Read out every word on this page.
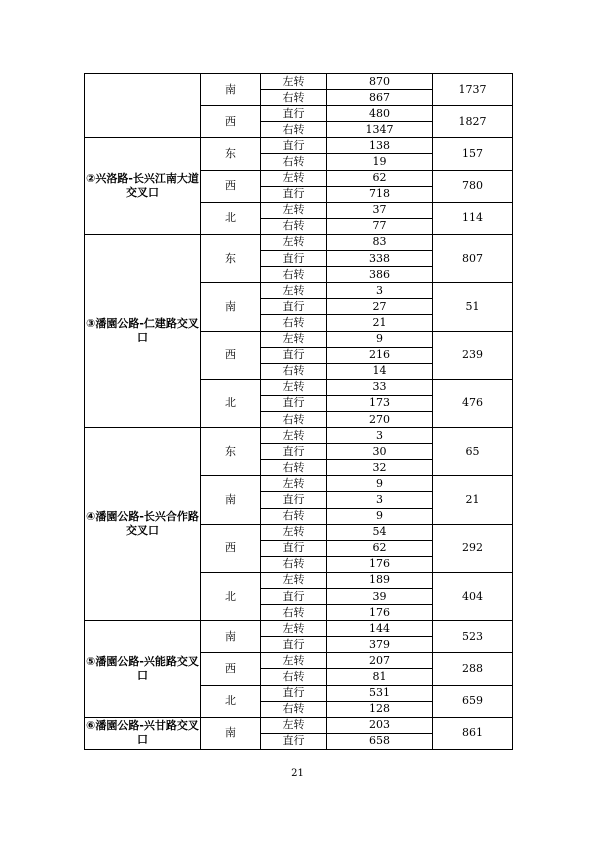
	南	左转	870	1737
		右转	867	
	西	直行	480	1827
		右转	1347	
②兴洛路-长兴江南大道交叉口	东	直行	138	157
		右转	19	
	西	左转	62	780
		直行	718	
	北	左转	37	114
		右转	77	
③潘園公路-仁建路交叉口	东	左转	83	807
		直行	338	
		右转	386	
	南	左转	3	51
		直行	27	
		右转	21	
	西	左转	9	239
		直行	216	
		右转	14	
	北	左转	33	476
		直行	173	
		右转	270	
④潘園公路-长兴合作路交叉口	东	左转	3	65
		直行	30	
		右转	32	
	南	左转	9	21
		直行	3	
		右转	9	
	西	左转	54	292
		直行	62	
		右转	176	
	北	左转	189	404
		直行	39	
		右转	176	
⑤潘園公路-兴能路交叉口	南	左转	144	523
		直行	379	
	西	左转	207	288
		右转	81	
	北	直行	531	659
		右转	128	
⑥潘園公路-兴甘路交叉口	南	左转	203	861
		直行	658	
21
